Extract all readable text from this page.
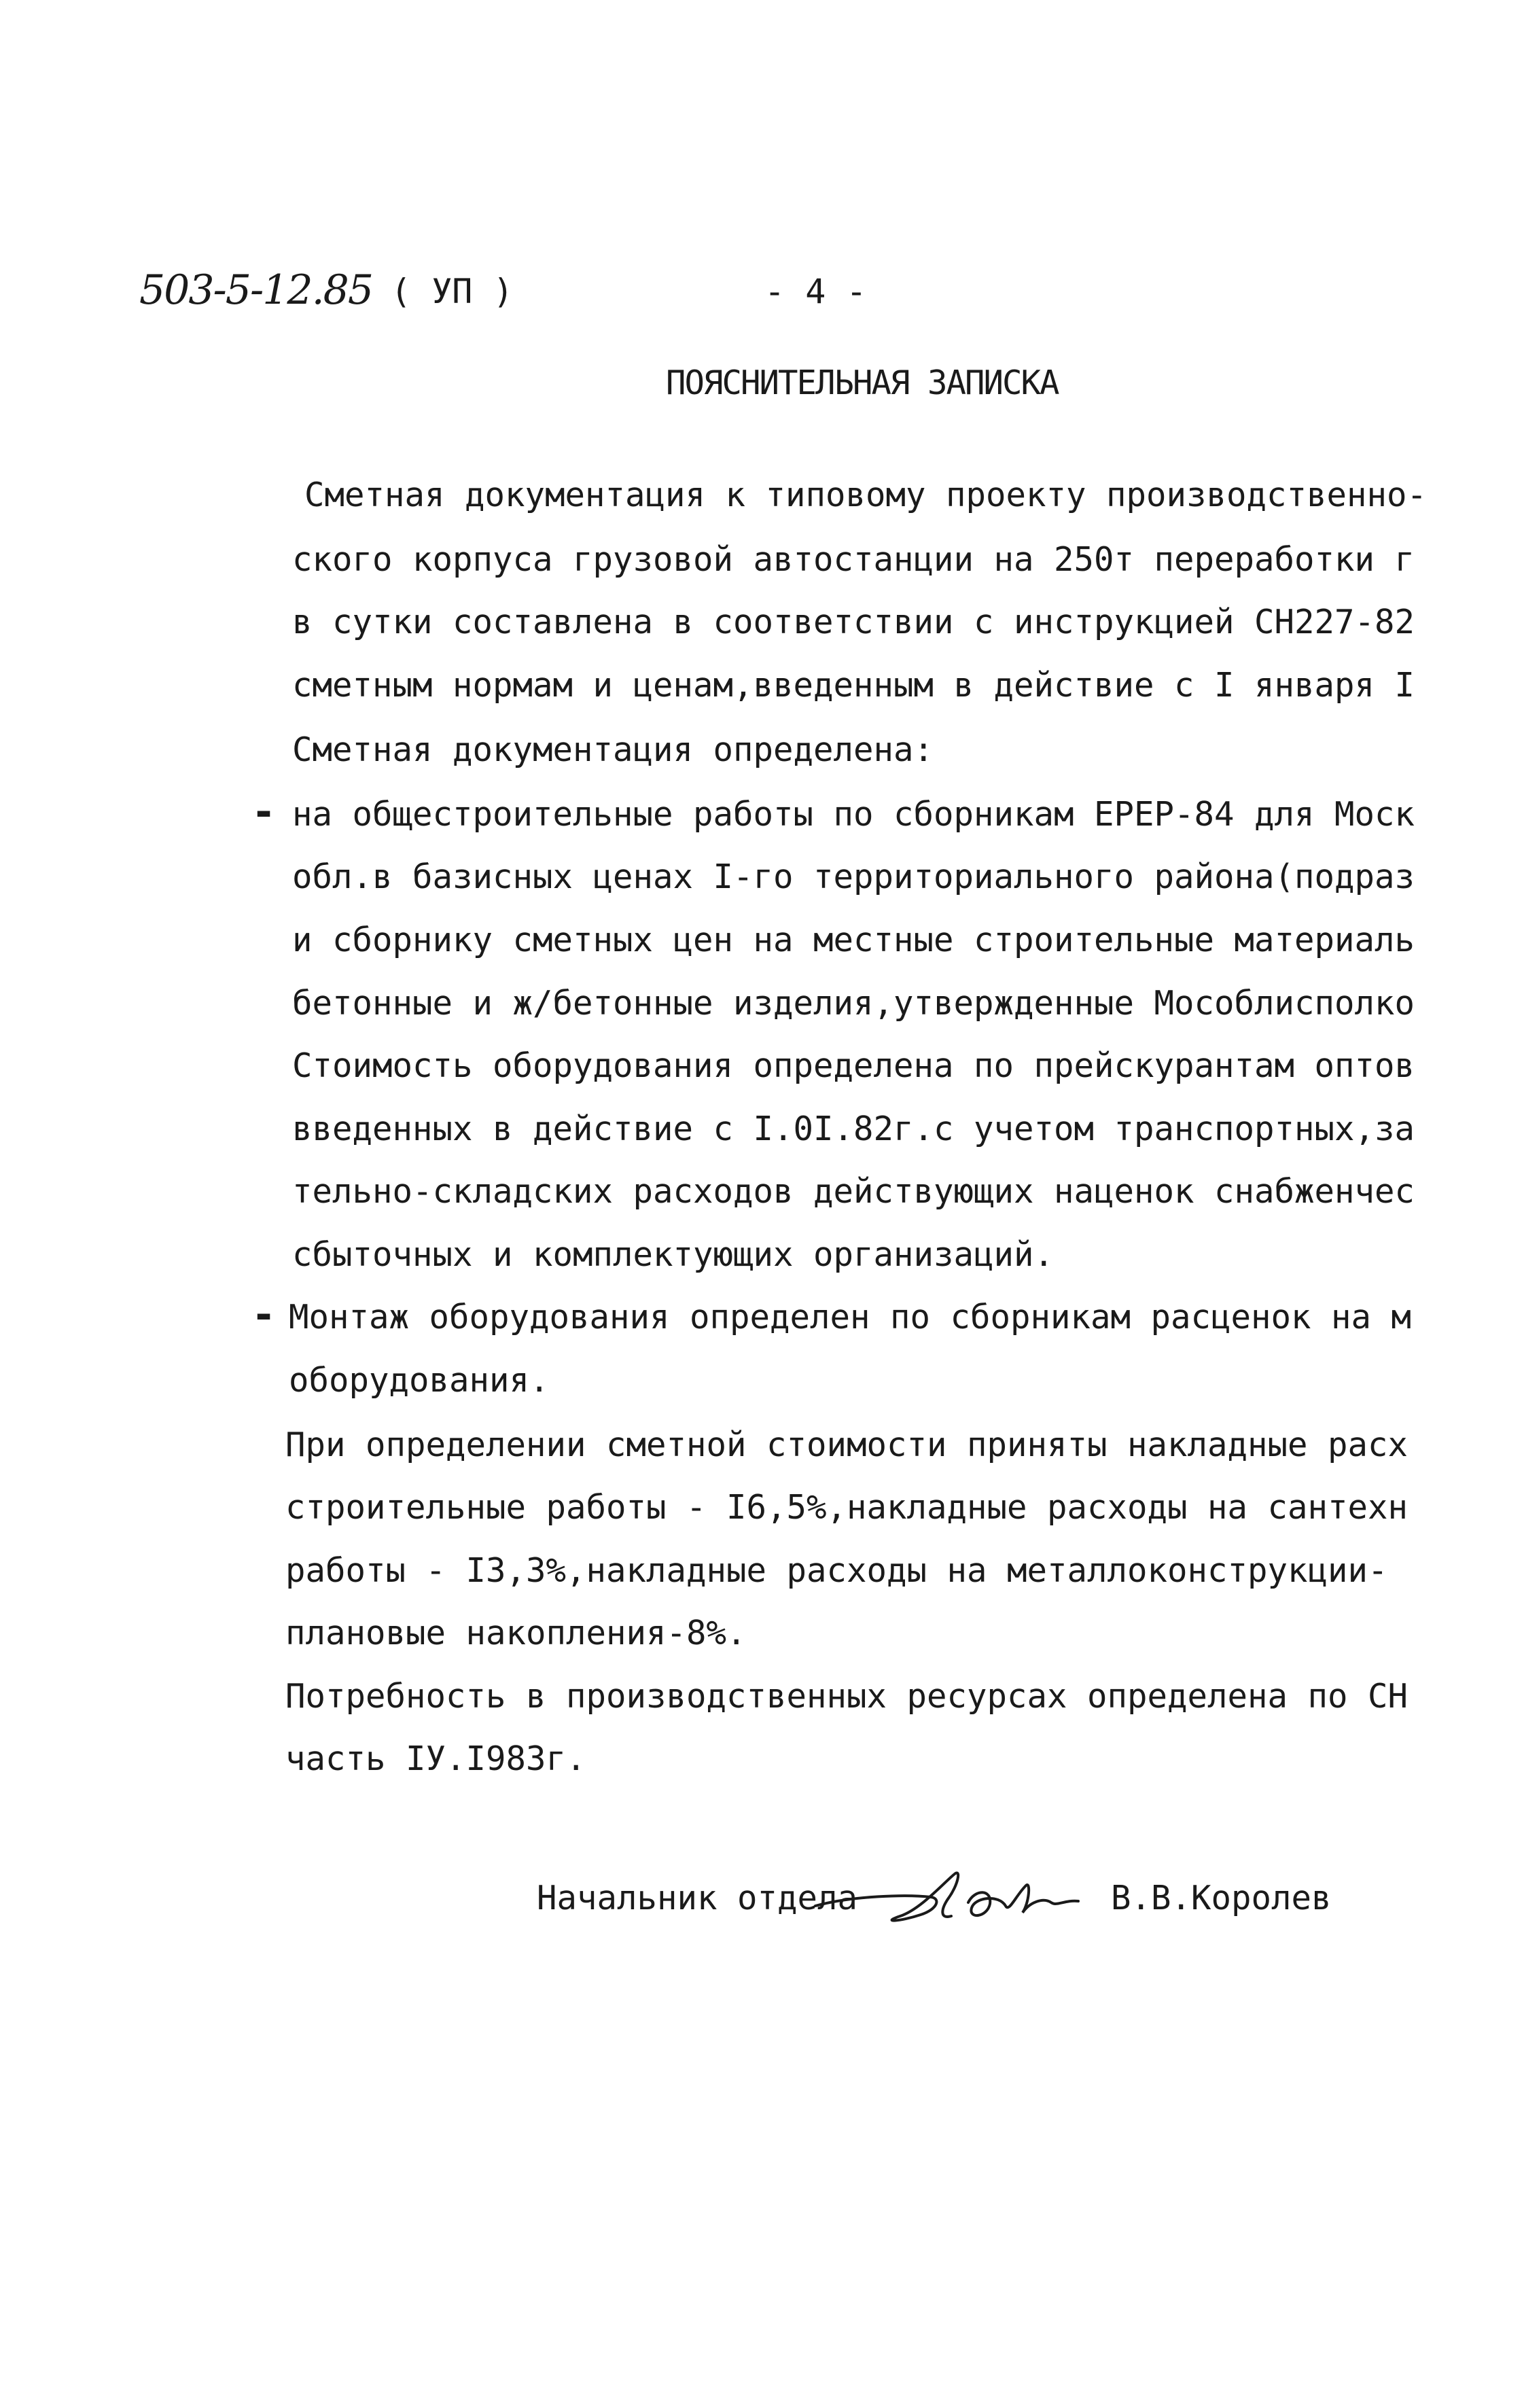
503-5-12.85 ( УП )	- 4 -
ПОЯСНИТЕЛЬНАЯ ЗАПИСКА
Сметная документация к типовому проекту производственно-
ского корпуса грузовой автостанции на 250т переработки г
в сутки составлена в соответствии с инструкцией СН227-82
сметным нормам и ценам,введенным в действие с I января I
Сметная документация определена:
- на общестроительные работы по сборникам ЕРЕР-84 для Моск
обл.в базисных ценах I-го территориального района(подраз
и сборнику сметных цен на местные строительные материаль
бетонные и ж/бетонные изделия,утвержденные Мособлисполко
Стоимость оборудования определена по прейскурантам оптов
введенных в действие с I.0I.82г.с учетом транспортных,за
тельно-складских расходов действующих наценок снабженчес
сбыточных и комплектующих организаций.
- Монтаж оборудования определен по сборникам расценок на м
оборудования.
При определении сметной стоимости приняты накладные расх
строительные работы - I6,5%,накладные расходы на сантехн
работы - I3,3%,накладные расходы на металлоконструкции-
плановые накопления-8%.
Потребность в производственных ресурсах определена по СН
часть IУ.I983г.
Начальник отдела	В.В.Королев
